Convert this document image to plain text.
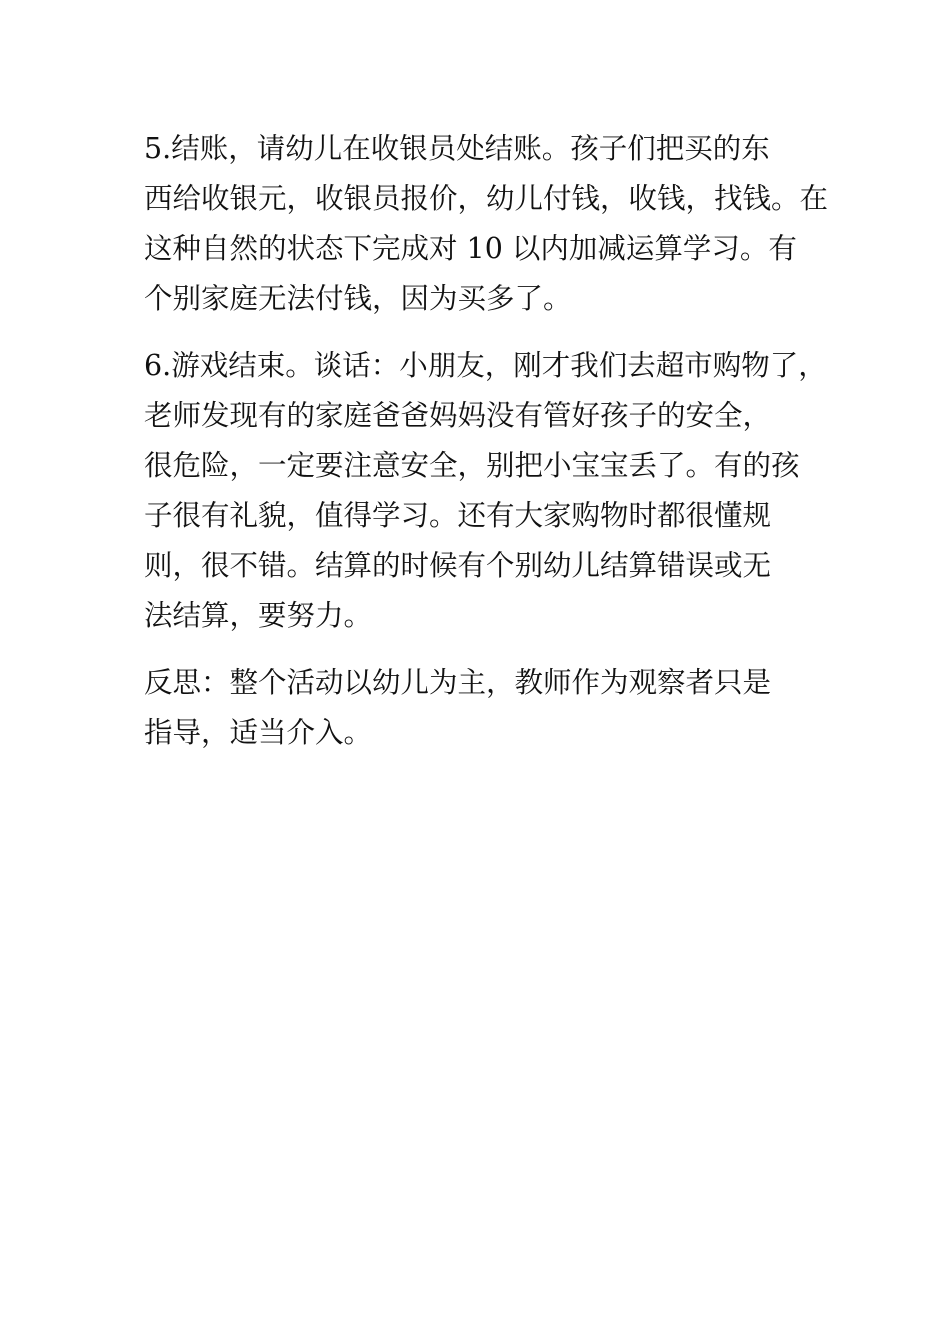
5.结账，请幼儿在收银员处结账。孩子们把买的东
西给收银元，收银员报价，幼儿付钱，收钱，找钱。在
这种自然的状态下完成对 10 以内加减运算学习。有
个别家庭无法付钱，因为买多了。

6.游戏结束。谈话：小朋友，刚才我们去超市购物了，
老师发现有的家庭爸爸妈妈没有管好孩子的安全，
很危险，一定要注意安全，别把小宝宝丢了。有的孩
子很有礼貌，值得学习。还有大家购物时都很懂规
则，很不错。结算的时候有个别幼儿结算错误或无
法结算，要努力。

反思：整个活动以幼儿为主，教师作为观察者只是
指导，适当介入。
